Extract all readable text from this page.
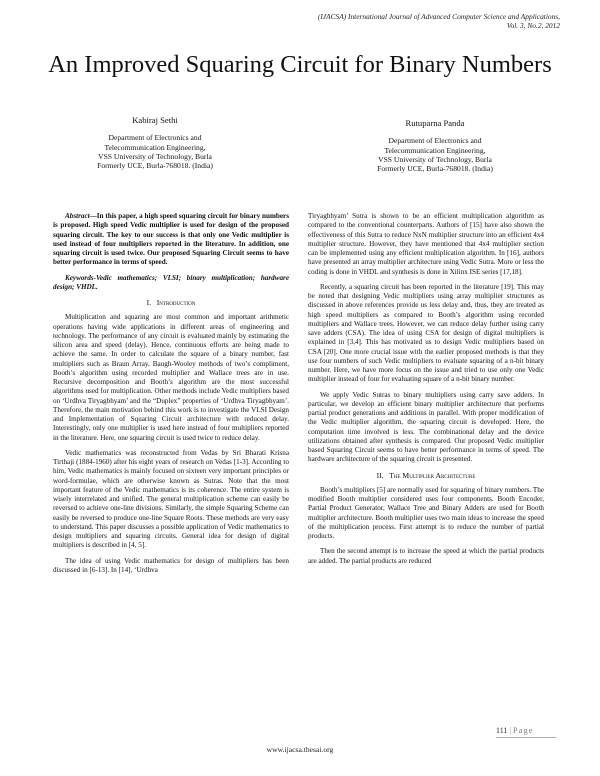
(IJACSA) International Journal of Advanced Computer Science and Applications,
Vol. 3, No.2, 2012
An Improved Squaring Circuit for Binary Numbers
Kabiraj Sethi
Department of Electronics and
Telecommunication Engineering,
VSS University of Technology, Burla
Formerly UCE, Burla-768018. (India)
Rutuparna Panda
Department of Electronics and
Telecommunication Engineering,
VSS University of Technology, Burla
Formerly UCE, Burla-768018. (India)

Abstract—In this paper, a high speed squaring circuit for binary numbers is proposed. High speed Vedic multiplier is used for design of the proposed squaring circuit. The key to our success is that only one Vedic multiplier is used instead of four multipliers reported in the literature. In addition, one squaring circuit is used twice. Our proposed Squaring Circuit seems to have better performance in terms of speed.

Keywords-Vedic mathematics; VLSI; binary multiplication; hardware design; VHDL.

I. Introduction

Multiplication and squaring are most common and important arithmetic operations having wide applications in different areas of engineering and technology. The performance of any circuit is evaluated mainly by estimating the silicon area and speed (delay). Hence, continuous efforts are being made to achieve the same. In order to calculate the square of a binary number, fast multipliers such as Braun Array, Baugh-Wooley methods of two’s compliment, Booth’s algorithm using recorded multiplier and Wallace trees are in use. Recursive decomposition and Booth’s algorithm are the most successful algorithms used for multiplication. Other methods include Vedic multipliers based on ‘Urdhva Tiryagbhyam’ and the “Duplex” properties of ‘Urdhva Tiryagbhyam’. Therefore, the main motivation behind this work is to investigate the VLSI Design and Implementation of Squaring Circuit architecture with reduced delay. Interestingly, only one multiplier is used here instead of four multipliers reported in the literature. Here, one squaring circuit is used twice to reduce delay.

Vedic mathematics was reconstructed from Vedas by Sri Bharati Krisna Tirthaji (1884-1960) after his eight years of research on Vedas [1-3]. According to him, Vedic mathematics is mainly focused on sixteen very important principles or word-formulae, which are otherwise known as Sutras. Note that the most important feature of the Vedic mathematics is its coherence. The entire system is wisely interrelated and unified. The general multiplication scheme can easily be reversed to achieve one-line divisions. Similarly, the simple Squaring Scheme can easily be reversed to produce one-line Square Roots. These methods are very easy to understand. This paper discusses a possible application of Vedic mathematics to design multipliers and squaring circuits. General idea for design of digital multipliers is described in [4, 5].

The idea of using Vedic mathematics for design of multipliers has been discussed in [6-13]. In [14], ‘Urdhva

Tiryagbhyam’ Sutra is shown to be an efficient multiplication algorithm as compared to the conventional counterparts. Authors of [15] have also shown the effectiveness of this Sutra to reduce NxN multiplier structure into an efficient 4x4 multiplier structure. However, they have mentioned that 4x4 multiplier section can be implemented using any efficient multiplication algorithm. In [16], authors have presented an array multiplier architecture using Vedic Sutra. More or less the coding is done in VHDL and synthesis is done in Xilinx ISE series [17,18].

Recently, a squaring circuit has been reported in the literature [19]. This may be noted that designing Vedic multipliers using array multiplier structures as discussed in above references provide us less delay and, thus, they are treated as high speed multipliers as compared to Booth’s algorithm using recorded multipliers and Wallace trees. However, we can reduce delay further using carry save adders (CSA). The idea of using CSA for design of digital multipliers is explained in [3,4]. This has motivated us to design Vedic multipliers based on CSA [20]. One more crucial issue with the earlier proposed methods is that they use four numbers of such Vedic multipliers to evaluate squaring of a n-bit binary number. Here, we have more focus on the issue and tried to use only one Vedic multiplier instead of four for evaluating square of a n-bit binary number.

We apply Vedic Sutras to binary multipliers using carry save adders. In particular, we develop an efficient binary multiplier architecture that performs partial product generations and additions in parallel. With proper modification of the Vedic multiplier algorithm, the squaring circuit is developed. Here, the computation time involved is less. The combinational delay and the device utilizations obtained after synthesis is compared. Our proposed Vedic multiplier based Squaring Circuit seems to have better performance in terms of speed. The hardware architecture of the squaring circuit is presented.

II. The Multiplier Architecture

Booth’s multipliers [5] are normally used for squaring of binary numbers. The modified Booth multiplier considered uses four components. Booth Encoder, Partial Product Generator, Wallace Tree and Binary Adders are used for Booth multiplier architecture. Booth multiplier uses two main ideas to increase the speed of the multiplication process. First attempt is to reduce the number of partial products.

Then the second attempt is to increase the speed at which the partial products are added. The partial products are reduced

111 | Page
www.ijacsa.thesai.org
